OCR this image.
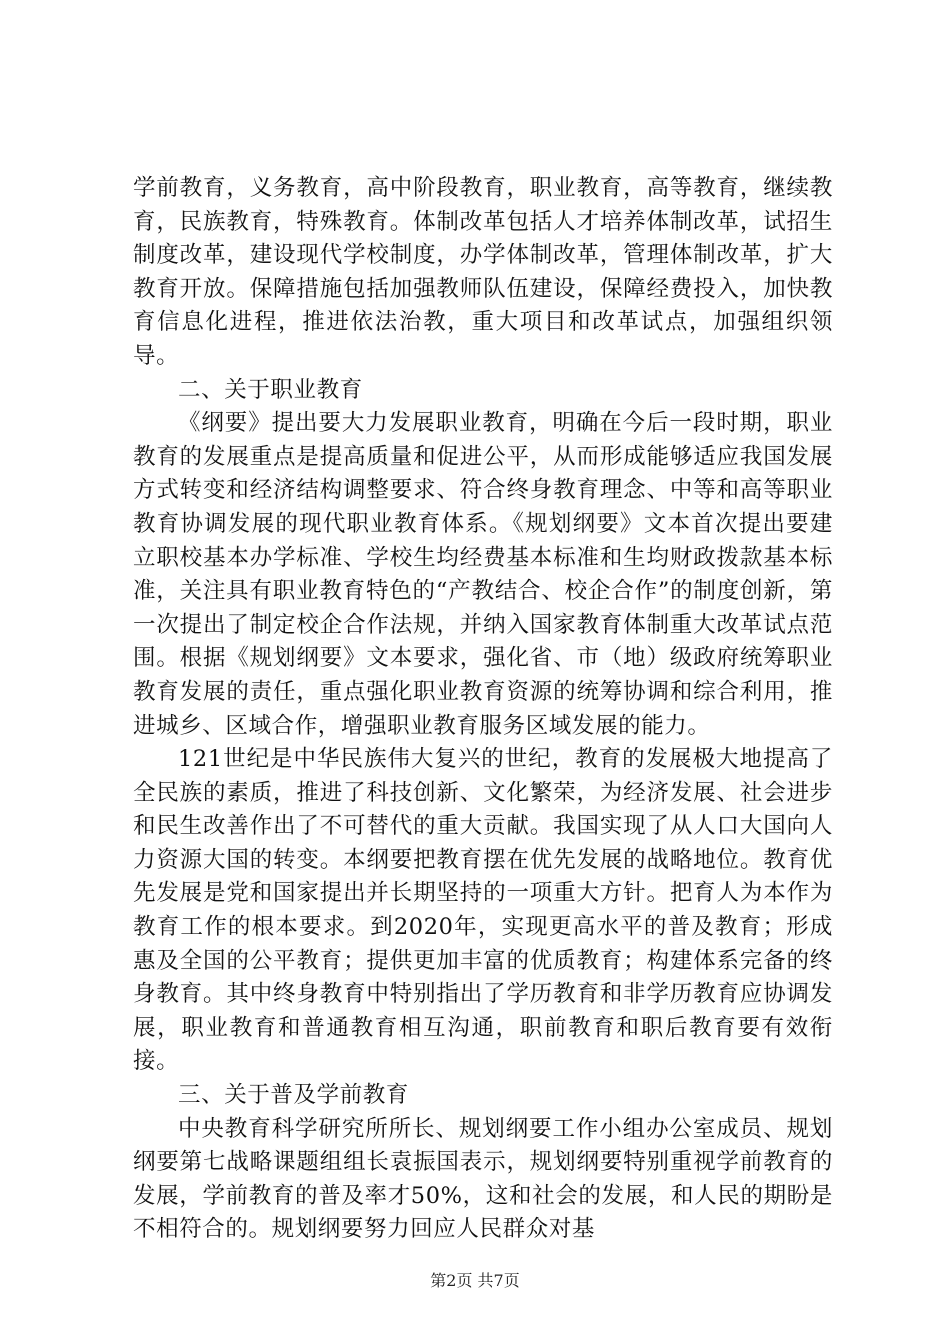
学前教育，义务教育，高中阶段教育，职业教育，高等教育，继续教育，民族教育，特殊教育。体制改革包括人才培养体制改革，试招生制度改革，建设现代学校制度，办学体制改革，管理体制改革，扩大教育开放。保障措施包括加强教师队伍建设，保障经费投入，加快教育信息化进程，推进依法治教，重大项目和改革试点，加强组织领导。

二、关于职业教育

《纲要》提出要大力发展职业教育，明确在今后一段时期，职业教育的发展重点是提高质量和促进公平，从而形成能够适应我国发展方式转变和经济结构调整要求、符合终身教育理念、中等和高等职业教育协调发展的现代职业教育体系。《规划纲要》文本首次提出要建立职校基本办学标准、学校生均经费基本标准和生均财政拨款基本标准，关注具有职业教育特色的“产教结合、校企合作”的制度创新，第一次提出了制定校企合作法规，并纳入国家教育体制重大改革试点范围。根据《规划纲要》文本要求，强化省、市（地）级政府统筹职业教育发展的责任，重点强化职业教育资源的统筹协调和综合利用，推进城乡、区域合作，增强职业教育服务区域发展的能力。

121世纪是中华民族伟大复兴的世纪，教育的发展极大地提高了全民族的素质，推进了科技创新、文化繁荣，为经济发展、社会进步和民生改善作出了不可替代的重大贡献。我国实现了从人口大国向人力资源大国的转变。本纲要把教育摆在优先发展的战略地位。教育优先发展是党和国家提出并长期坚持的一项重大方针。把育人为本作为教育工作的根本要求。到2020年，实现更高水平的普及教育；形成惠及全国的公平教育；提供更加丰富的优质教育；构建体系完备的终身教育。其中终身教育中特别指出了学历教育和非学历教育应协调发展，职业教育和普通教育相互沟通，职前教育和职后教育要有效衔接。

三、关于普及学前教育

中央教育科学研究所所长、规划纲要工作小组办公室成员、规划纲要第七战略课题组组长袁振国表示，规划纲要特别重视学前教育的发展，学前教育的普及率才50%，这和社会的发展，和人民的期盼是不相符合的。规划纲要努力回应人民群众对基

第2页 共7页
